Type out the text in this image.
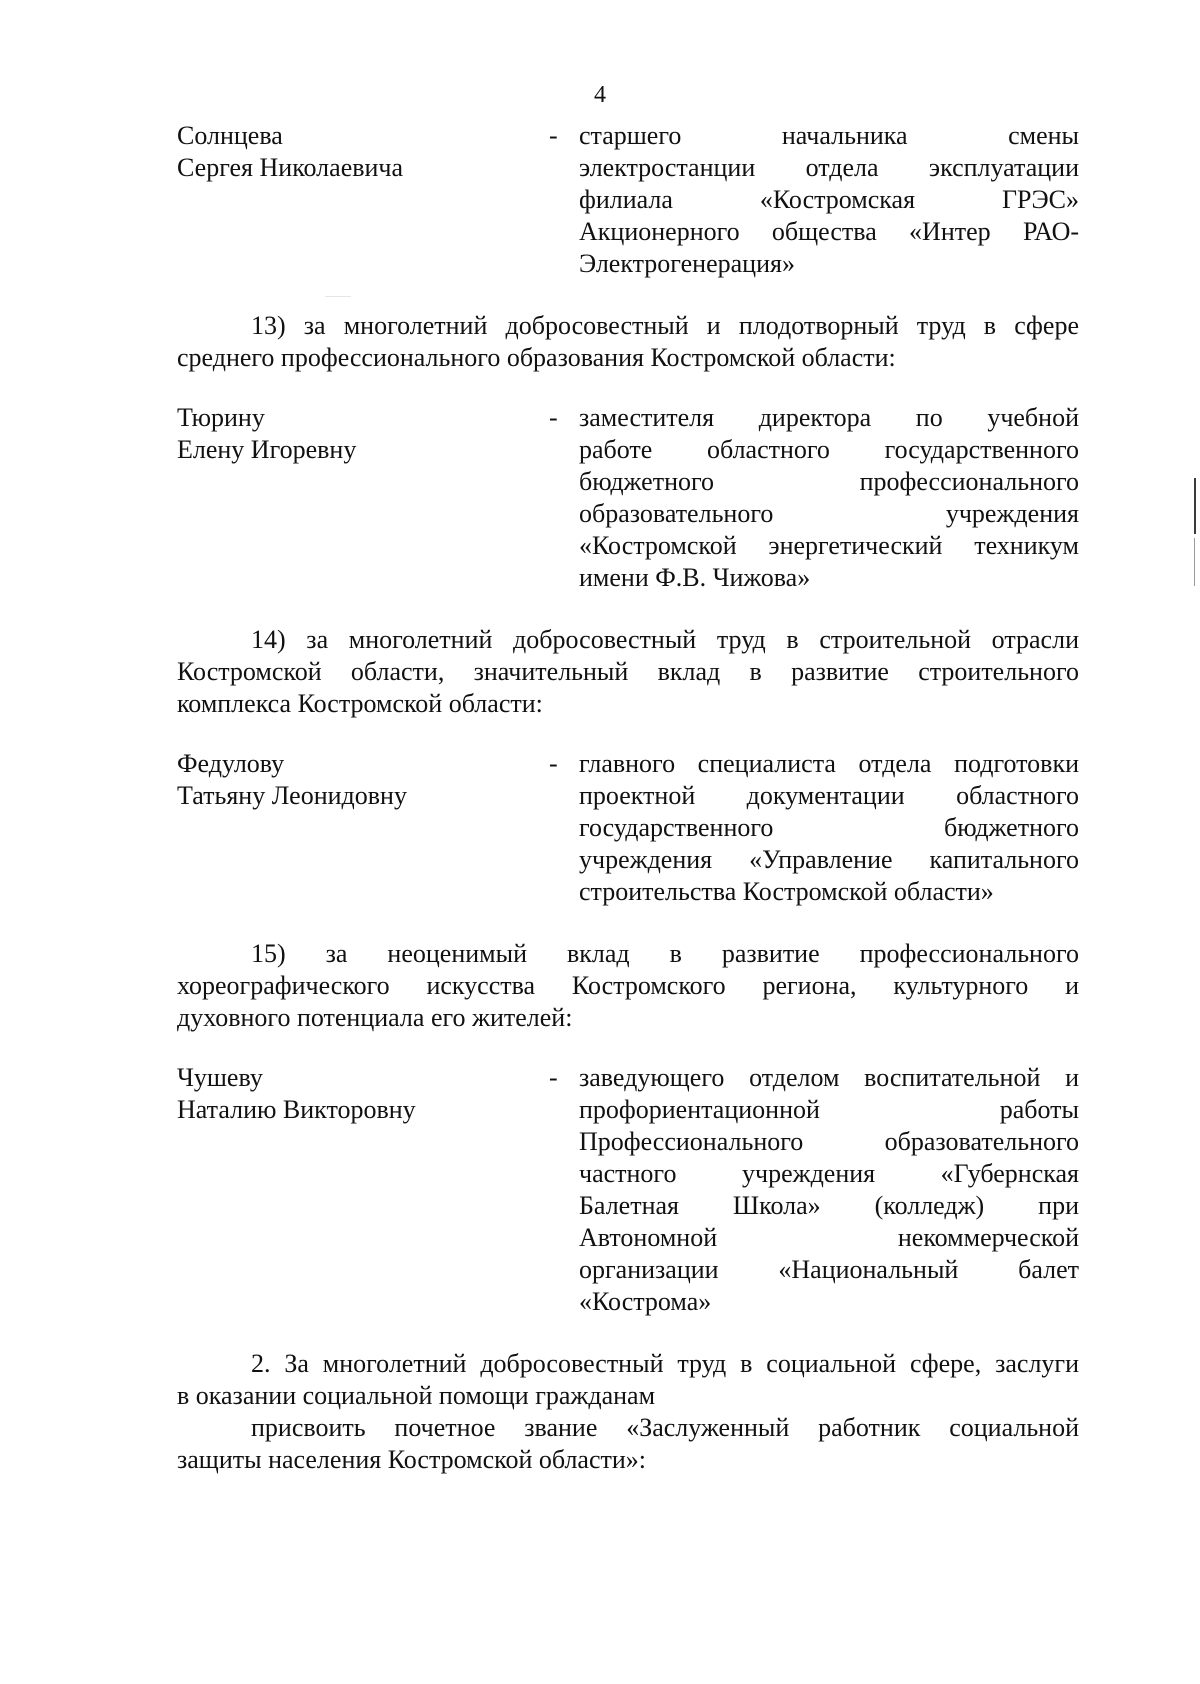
4
Солнцева
Сергея Николаевича
- старшего начальника смены
электростанции отдела эксплуатации
филиала «Костромская ГРЭС»
Акционерного общества «Интер РАО-
Электрогенерация»
13) за многолетний добросовестный и плодотворный труд в сфере
среднего профессионального образования Костромской области:
Тюрину
Елену Игоревну
- заместителя директора по учебной
работе областного государственного
бюджетного профессионального
образовательного учреждения
«Костромской энергетический техникум
имени Ф.В. Чижова»
14) за многолетний добросовестный труд в строительной отрасли
Костромской области, значительный вклад в развитие строительного
комплекса Костромской области:
Федулову
Татьяну Леонидовну
- главного специалиста отдела подготовки
проектной документации областного
государственного бюджетного
учреждения «Управление капитального
строительства Костромской области»
15) за неоценимый вклад в развитие профессионального
хореографического искусства Костромского региона, культурного и
духовного потенциала его жителей:
Чушеву
Наталию Викторовну
- заведующего отделом воспитательной и
профориентационной работы
Профессионального образовательного
частного учреждения «Губернская
Балетная Школа» (колледж) при
Автономной некоммерческой
организации «Национальный балет
«Кострома»
2. За многолетний добросовестный труд в социальной сфере, заслуги
в оказании социальной помощи гражданам
присвоить почетное звание «Заслуженный работник социальной
защиты населения Костромской области»:
